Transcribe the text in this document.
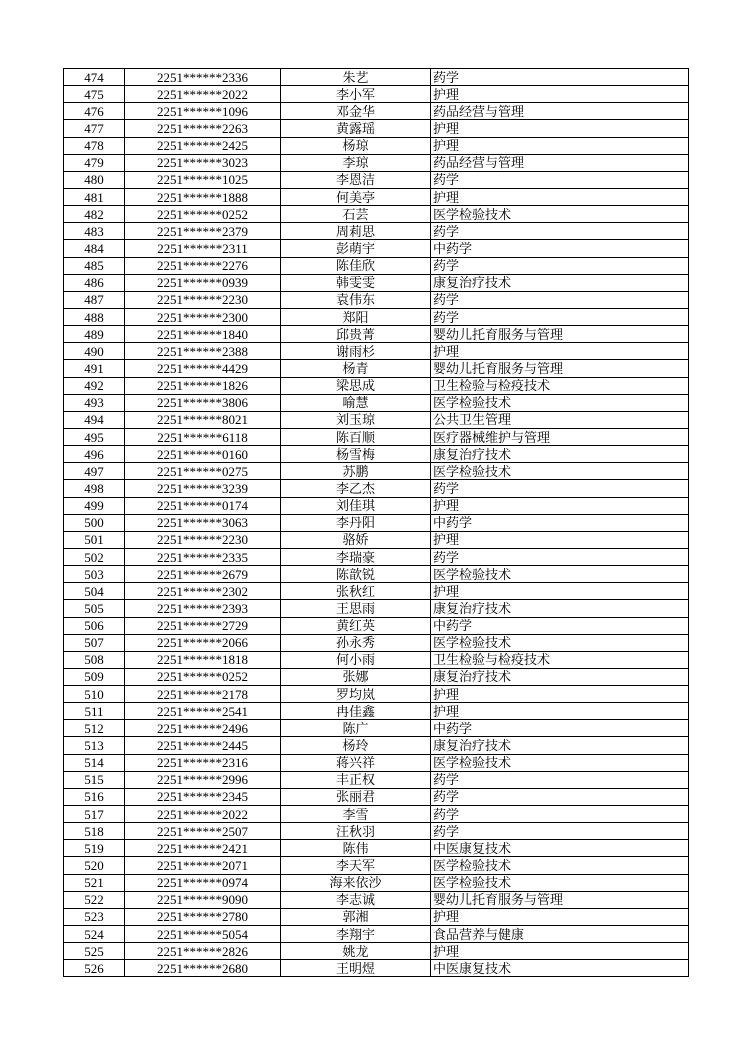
474	2251******2336	朱艺	药学
475	2251******2022	李小军	护理
476	2251******1096	邓金华	药品经营与管理
477	2251******2263	黄露瑶	护理
478	2251******2425	杨琼	护理
479	2251******3023	李琼	药品经营与管理
480	2251******1025	李恩洁	药学
481	2251******1888	何美亭	护理
482	2251******0252	石芸	医学检验技术
483	2251******2379	周莉思	药学
484	2251******2311	彭萌宇	中药学
485	2251******2276	陈佳欣	药学
486	2251******0939	韩雯雯	康复治疗技术
487	2251******2230	袁伟东	药学
488	2251******2300	郑阳	药学
489	2251******1840	邱贵菁	婴幼儿托育服务与管理
490	2251******2388	谢雨杉	护理
491	2251******4429	杨青	婴幼儿托育服务与管理
492	2251******1826	梁思成	卫生检验与检疫技术
493	2251******3806	喻慧	医学检验技术
494	2251******8021	刘玉琼	公共卫生管理
495	2251******6118	陈百顺	医疗器械维护与管理
496	2251******0160	杨雪梅	康复治疗技术
497	2251******0275	苏鹏	医学检验技术
498	2251******3239	李乙杰	药学
499	2251******0174	刘佳琪	护理
500	2251******3063	李丹阳	中药学
501	2251******2230	骆娇	护理
502	2251******2335	李瑞豪	药学
503	2251******2679	陈歆锐	医学检验技术
504	2251******2302	张秋红	护理
505	2251******2393	王思雨	康复治疗技术
506	2251******2729	黄红英	中药学
507	2251******2066	孙永秀	医学检验技术
508	2251******1818	何小雨	卫生检验与检疫技术
509	2251******0252	张娜	康复治疗技术
510	2251******2178	罗均岚	护理
511	2251******2541	冉佳鑫	护理
512	2251******2496	陈广	中药学
513	2251******2445	杨玲	康复治疗技术
514	2251******2316	蒋兴祥	医学检验技术
515	2251******2996	丰正权	药学
516	2251******2345	张丽君	药学
517	2251******2022	李雪	药学
518	2251******2507	汪秋羽	药学
519	2251******2421	陈伟	中医康复技术
520	2251******2071	李天军	医学检验技术
521	2251******0974	海来依沙	医学检验技术
522	2251******9090	李志诚	婴幼儿托育服务与管理
523	2251******2780	郭湘	护理
524	2251******5054	李翔宇	食品营养与健康
525	2251******2826	姚龙	护理
526	2251******2680	王明煜	中医康复技术
